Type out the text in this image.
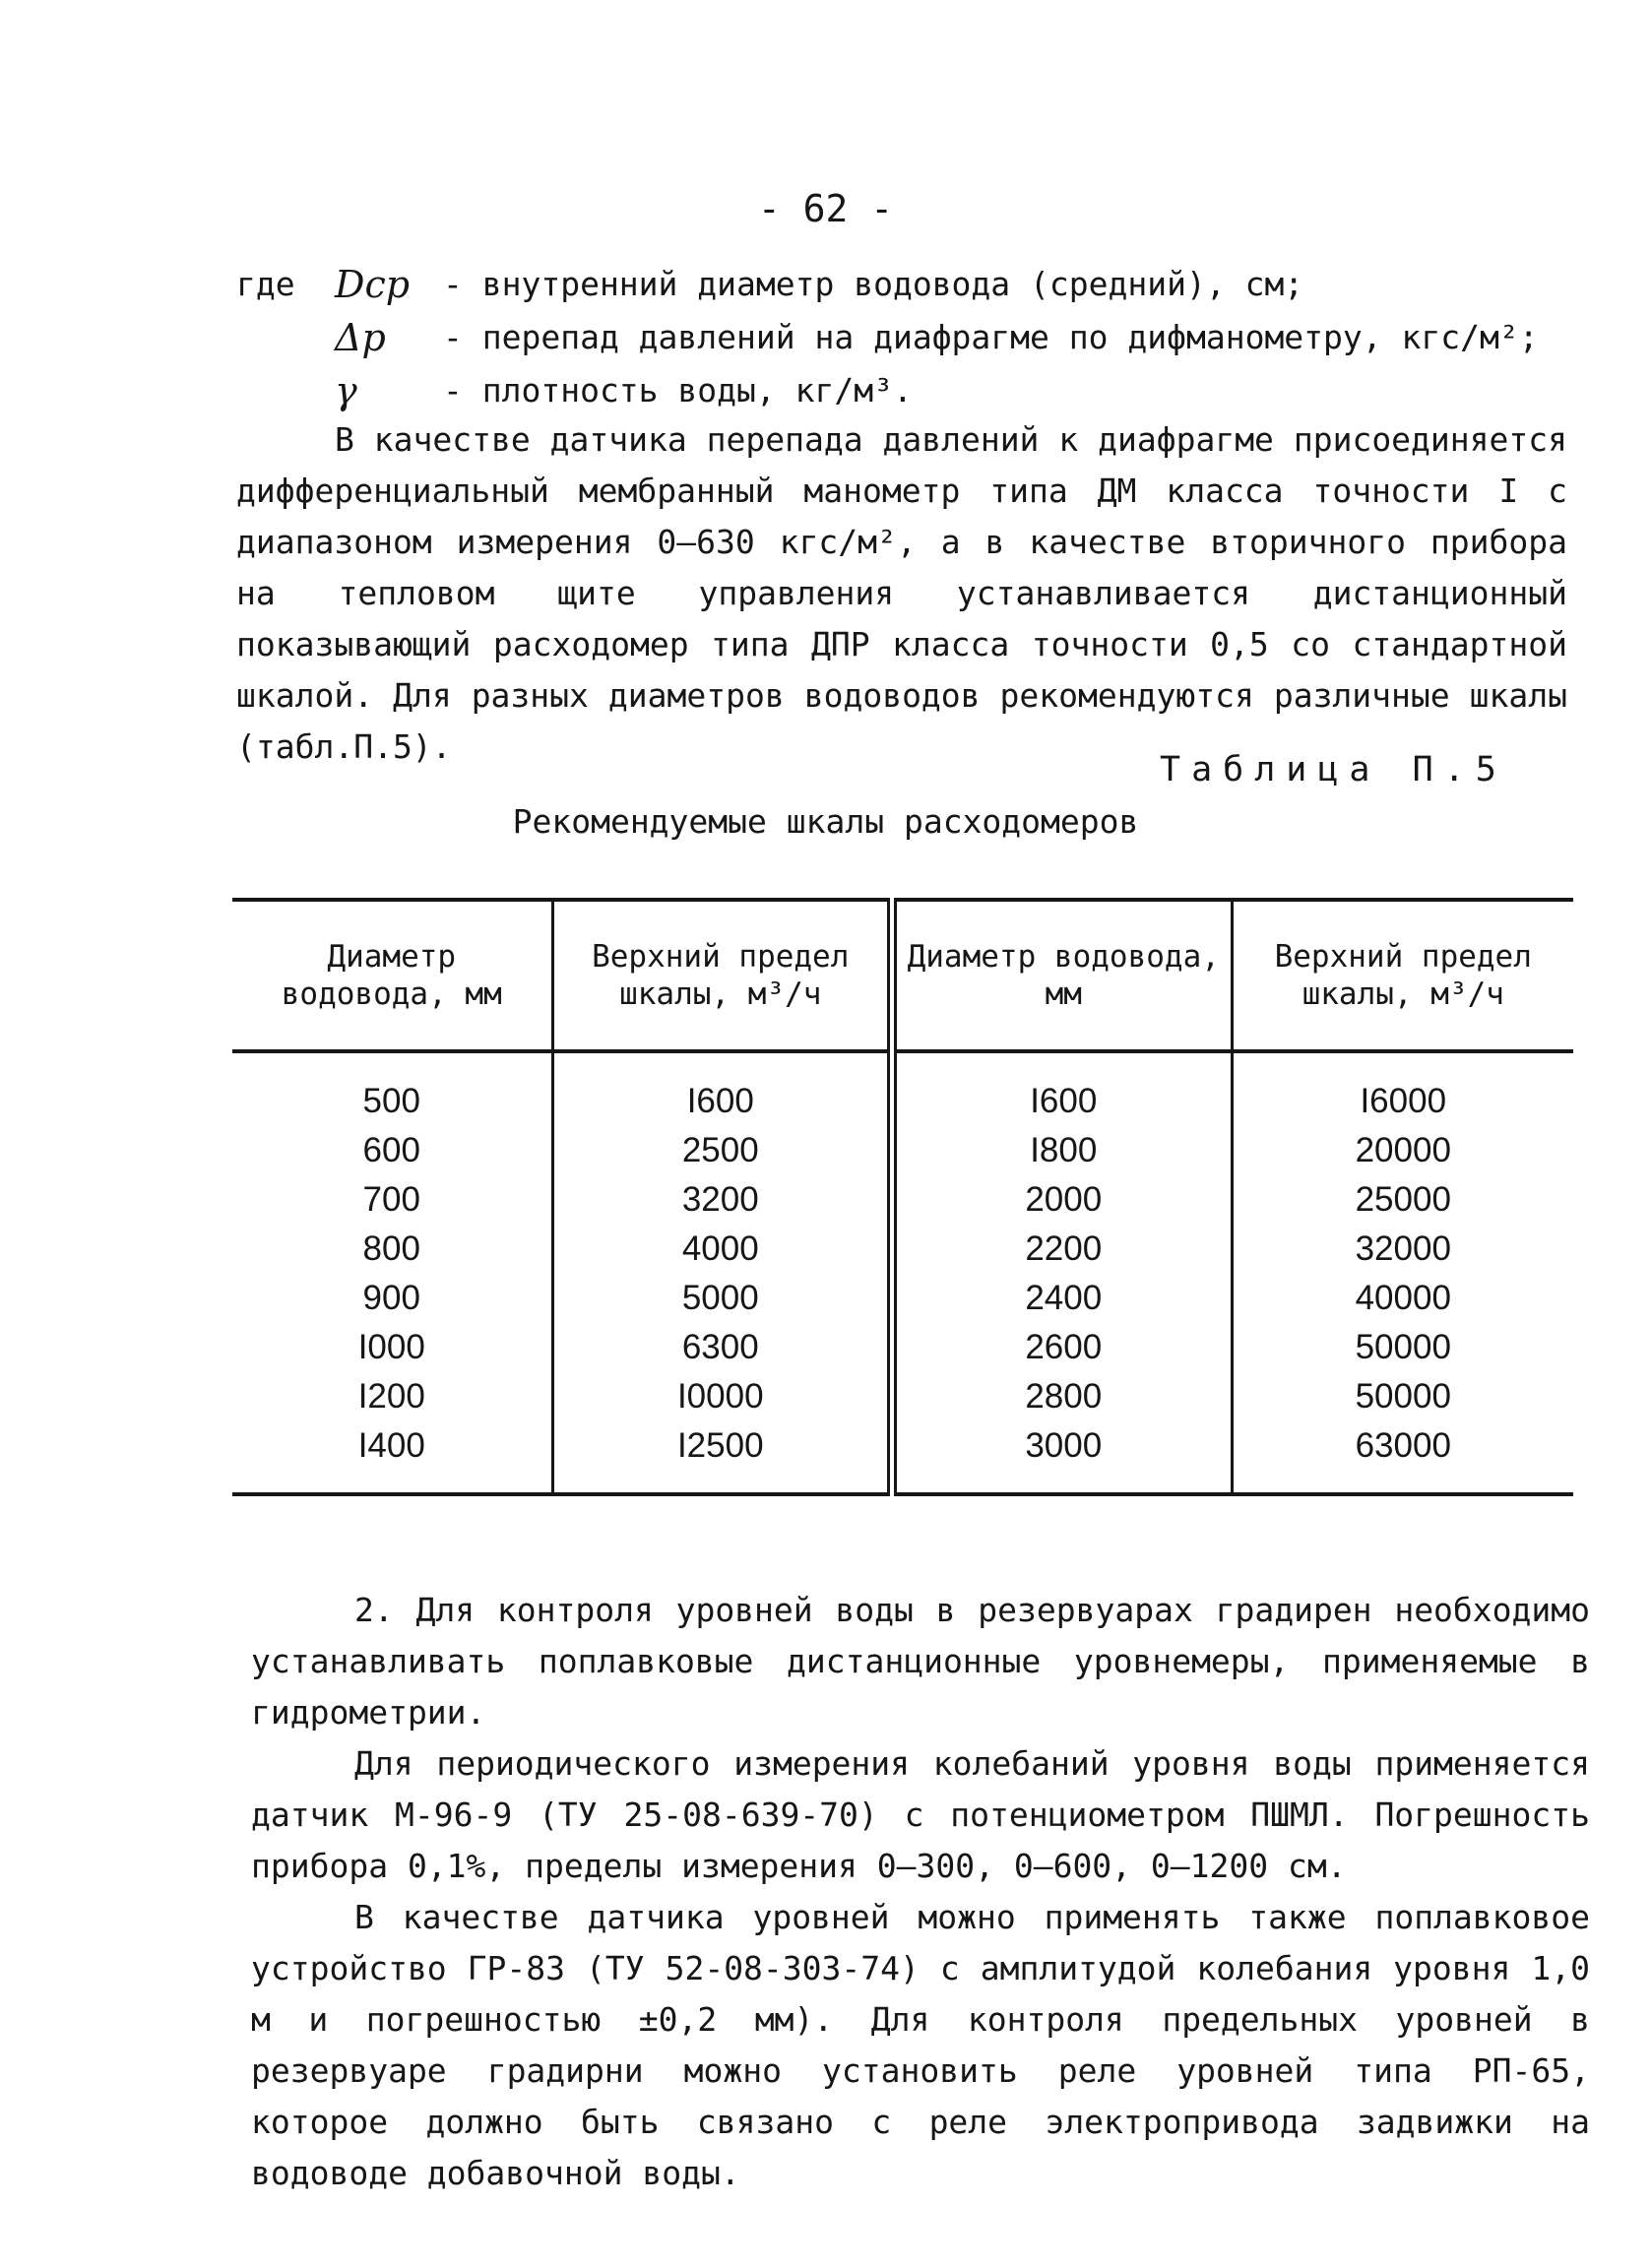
- 62 -
где Dср - внутренний диаметр водовода (средний), см;
Δp - перепад давлений на диафрагме по дифманометру, кгс/м²;
γ	- плотность воды, кг/м³.

В качестве датчика перепада давлений к диафрагме присоединяется дифференциальный мембранный манометр типа ДМ класса точности I с диапазоном измерения 0–630 кгс/м², а в качестве вторичного прибора на тепловом щите управления устанавливается дистанционный показывающий расходомер типа ДПР класса точности 0,5 со стандартной шкалой. Для разных диаметров водоводов рекомендуются различные шкалы (табл.П.5).

Таблица П.5
Рекомендуемые шкалы расходомеров
Диаметр водовода, мм	Верхний предел шкалы, м³/ч	Диаметр водовода, мм	Верхний предел шкалы, м³/ч
500	I600	I600	I6000
600	2500	I800	20000
700	3200	2000	25000
800	4000	2200	32000
900	5000	2400	40000
I000	6300	2600	50000
I200	I0000	2800	50000
I400	I2500	3000	63000

2. Для контроля уровней воды в резервуарах градирен необходимо устанавливать поплавковые дистанционные уровнемеры, применяемые в гидрометрии.

Для периодического измерения колебаний уровня воды применяется датчик М-96-9 (ТУ 25-08-639-70) с потенциометром ПШМЛ. Погрешность прибора 0,1%, пределы измерения 0–300, 0–600, 0–1200 см.

В качестве датчика уровней можно применять также поплавковое устройство ГР-83 (ТУ 52-08-303-74) с амплитудой колебания уровня 1,0 м и погрешностью ±0,2 мм). Для контроля предельных уровней в резервуаре градирни можно установить реле уровней типа РП-65, которое должно быть связано с реле электропривода задвижки на водоводе добавочной воды.
